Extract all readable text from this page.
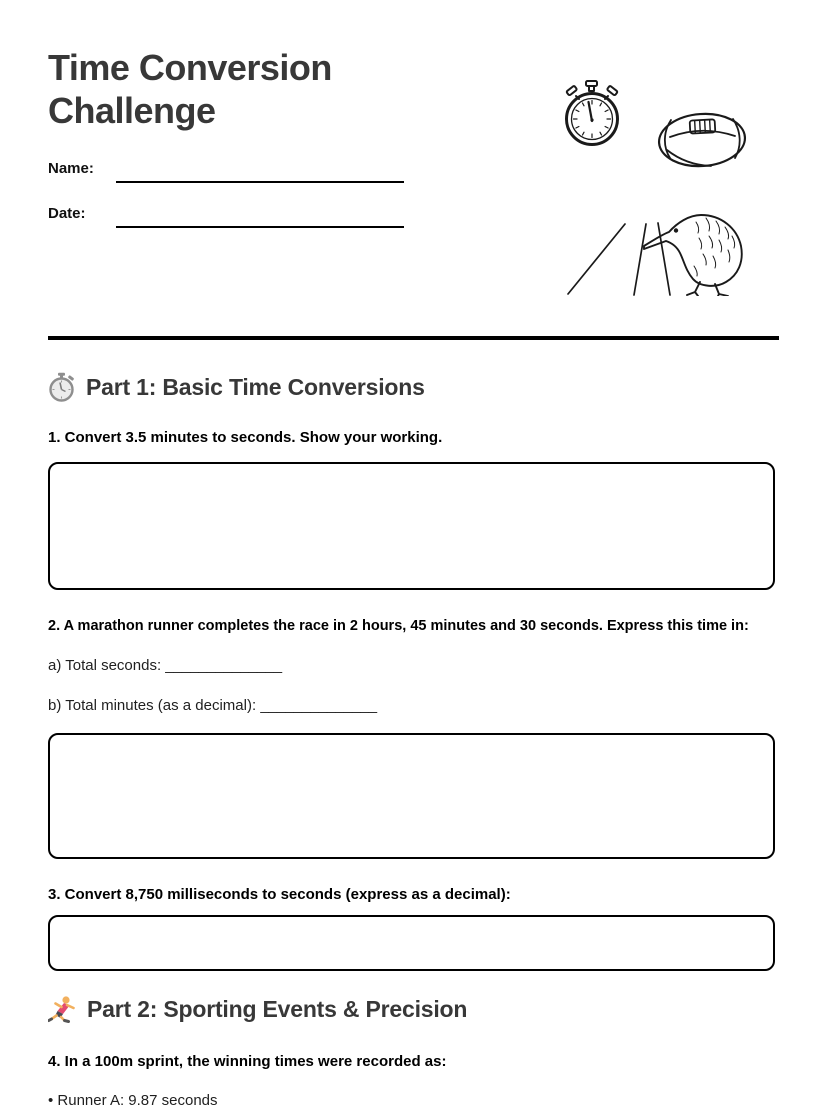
Time Conversion Challenge
Name:
Date:
Part 1: Basic Time Conversions
1. Convert 3.5 minutes to seconds. Show your working.
2. A marathon runner completes the race in 2 hours, 45 minutes and 30 seconds. Express this time in:
a) Total seconds: ______________
b) Total minutes (as a decimal): ______________
3. Convert 8,750 milliseconds to seconds (express as a decimal):
Part 2: Sporting Events & Precision
4. In a 100m sprint, the winning times were recorded as:
• Runner A: 9.87 seconds
